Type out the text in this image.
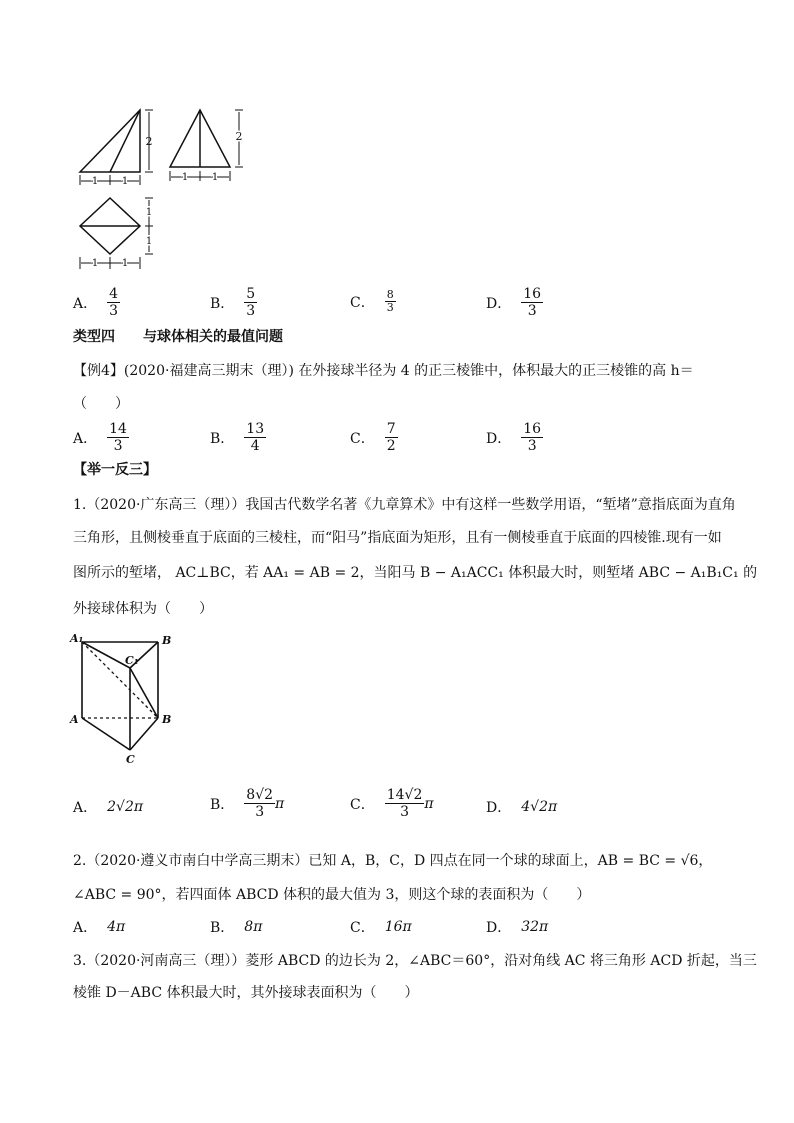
2
1 1
2
1 1
1
1
1 1
A． $\frac{4}{3}$	B． $\frac{5}{3}$	C． $\frac{8}{3}$	D． $\frac{16}{3}$
类型四　　与球体相关的最值问题
【例4】(2020·福建高三期末（理）) 在外接球半径为 4 的正三棱锥中，体积最大的正三棱锥的高 h＝
（　　）
A． $\frac{14}{3}$	B． $\frac{13}{4}$	C． $\frac{7}{2}$	D． $\frac{16}{3}$
【举一反三】
1.（2020·广东高三（理））我国古代数学名著《九章算术》中有这样一些数学用语，“堑堵”意指底面为直角
三角形，且侧棱垂直于底面的三棱柱，而“阳马”指底面为矩形，且有一侧棱垂直于底面的四棱锥.现有一如
图所示的堑堵， AC⊥BC，若 AA₁ = AB = 2，当阳马 B − A₁ACC₁ 体积最大时，则堑堵 ABC − A₁B₁C₁ 的
外接球体积为（　　）
A₁	B
C₁
A	B
C
A． 2√2π	B． $\frac{8√2}{3}$ π	C． $\frac{14√2}{3}$ π	D． 4√2π
2.（2020·遵义市南白中学高三期末）已知 A，B，C，D 四点在同一个球的球面上，AB = BC = √6，
∠ABC = 90°，若四面体 ABCD 体积的最大值为 3，则这个球的表面积为（　　）
A． 4π	B． 8π	C． 16π	D． 32π
3.（2020·河南高三（理））菱形 ABCD 的边长为 2，∠ABC＝60°，沿对角线 AC 将三角形 ACD 折起，当三
棱锥 D－ABC 体积最大时，其外接球表面积为（　　）
